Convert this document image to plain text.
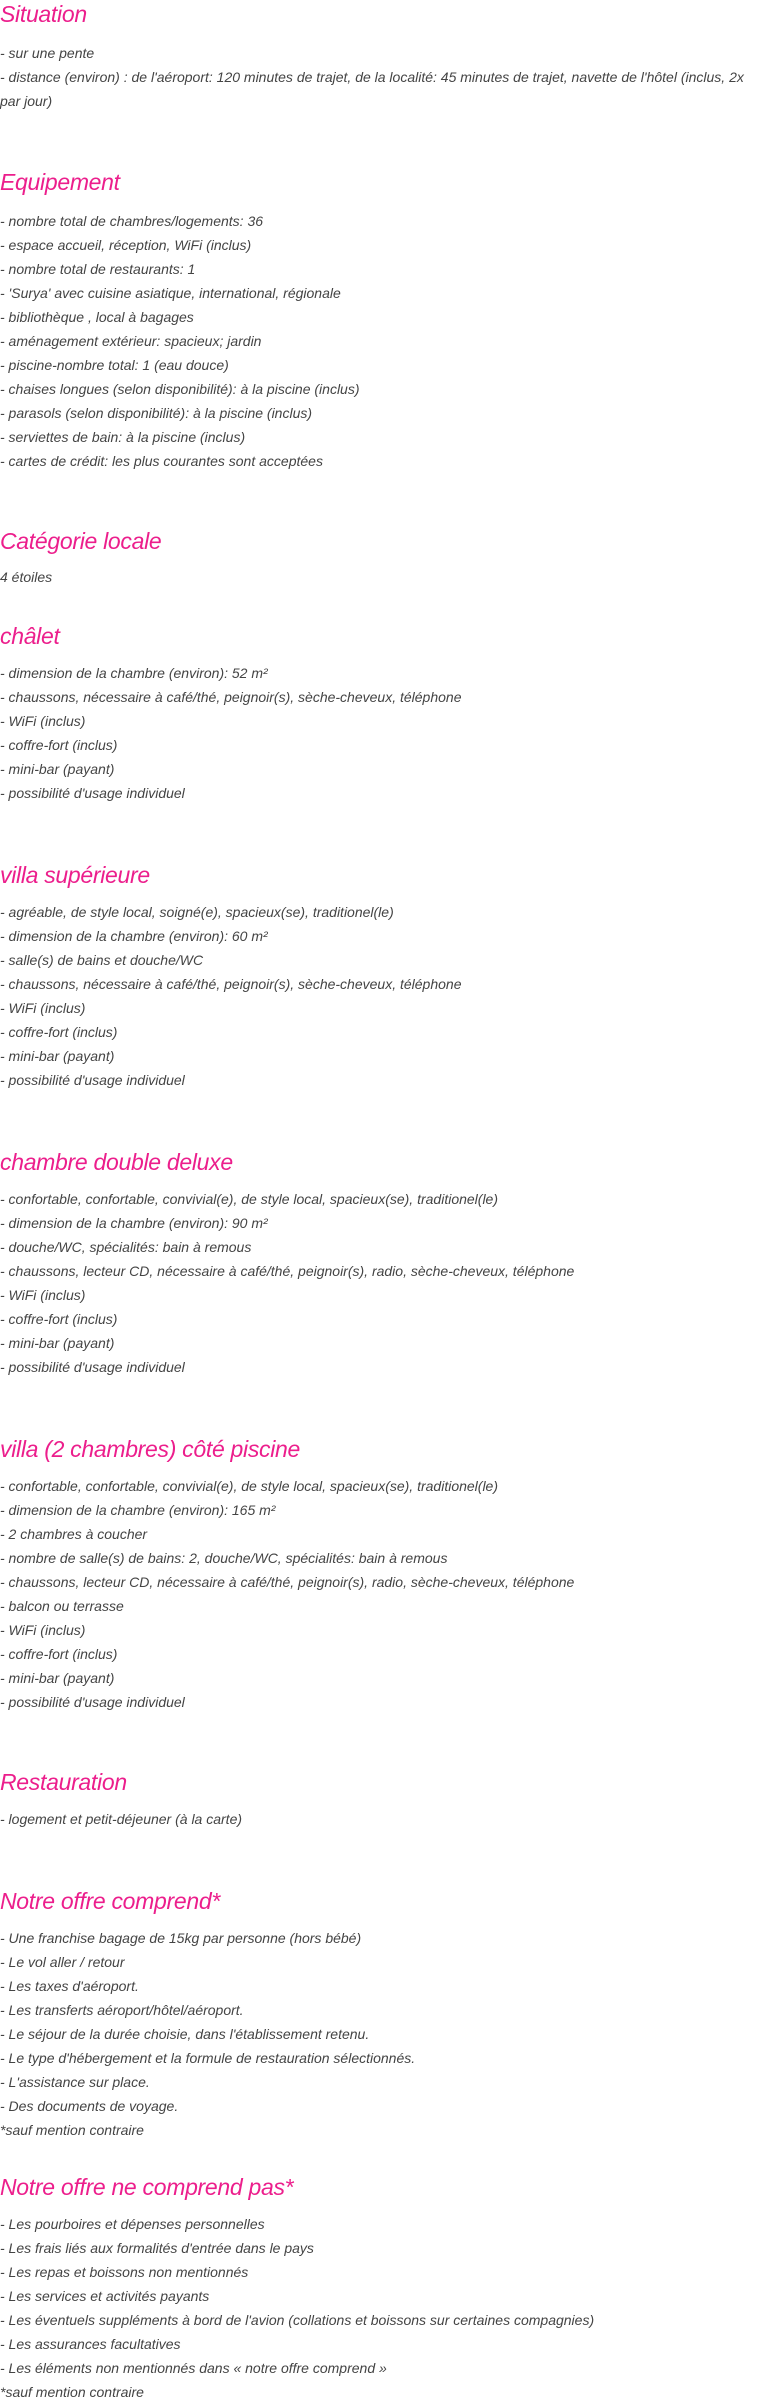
Situation
- sur une pente
- distance (environ) : de l'aéroport: 120 minutes de trajet, de la localité: 45 minutes de trajet, navette de l'hôtel (inclus, 2x par jour)
Equipement
- nombre total de chambres/logements: 36
- espace accueil, réception, WiFi (inclus)
- nombre total de restaurants: 1
- 'Surya' avec cuisine asiatique, international, régionale
- bibliothèque , local à bagages
- aménagement extérieur: spacieux; jardin
- piscine-nombre total: 1 (eau douce)
- chaises longues (selon disponibilité): à la piscine (inclus)
- parasols (selon disponibilité): à la piscine (inclus)
- serviettes de bain: à la piscine (inclus)
- cartes de crédit: les plus courantes sont acceptées
Catégorie locale
4 étoiles
châlet
- dimension de la chambre (environ): 52 m²
- chaussons, nécessaire à café/thé, peignoir(s), sèche-cheveux, téléphone
- WiFi (inclus)
- coffre-fort (inclus)
- mini-bar (payant)
- possibilité d'usage individuel
villa supérieure
- agréable, de style local, soigné(e), spacieux(se), traditionel(le)
- dimension de la chambre (environ): 60 m²
- salle(s) de bains et douche/WC
- chaussons, nécessaire à café/thé, peignoir(s), sèche-cheveux, téléphone
- WiFi (inclus)
- coffre-fort (inclus)
- mini-bar (payant)
- possibilité d'usage individuel
chambre double deluxe
- confortable, confortable, convivial(e), de style local, spacieux(se), traditionel(le)
- dimension de la chambre (environ): 90 m²
- douche/WC, spécialités: bain à remous
- chaussons, lecteur CD, nécessaire à café/thé, peignoir(s), radio, sèche-cheveux, téléphone
- WiFi (inclus)
- coffre-fort (inclus)
- mini-bar (payant)
- possibilité d'usage individuel
villa (2 chambres) côté piscine
- confortable, confortable, convivial(e), de style local, spacieux(se), traditionel(le)
- dimension de la chambre (environ): 165 m²
- 2 chambres à coucher
- nombre de salle(s) de bains: 2, douche/WC, spécialités: bain à remous
- chaussons, lecteur CD, nécessaire à café/thé, peignoir(s), radio, sèche-cheveux, téléphone
- balcon ou terrasse
- WiFi (inclus)
- coffre-fort (inclus)
- mini-bar (payant)
- possibilité d'usage individuel
Restauration
- logement et petit-déjeuner (à la carte)
Notre offre comprend*
- Une franchise bagage de 15kg par personne (hors bébé)
- Le vol aller / retour
- Les taxes d'aéroport.
- Les transferts aéroport/hôtel/aéroport.
- Le séjour de la durée choisie, dans l'établissement retenu.
- Le type d'hébergement et la formule de restauration sélectionnés.
- L'assistance sur place.
- Des documents de voyage.
*sauf mention contraire
Notre offre ne comprend pas*
- Les pourboires et dépenses personnelles
- Les frais liés aux formalités d'entrée dans le pays
- Les repas et boissons non mentionnés
- Les services et activités payants
- Les éventuels suppléments à bord de l'avion (collations et boissons sur certaines compagnies)
- Les assurances facultatives
- Les éléments non mentionnés dans « notre offre comprend »
*sauf mention contraire
